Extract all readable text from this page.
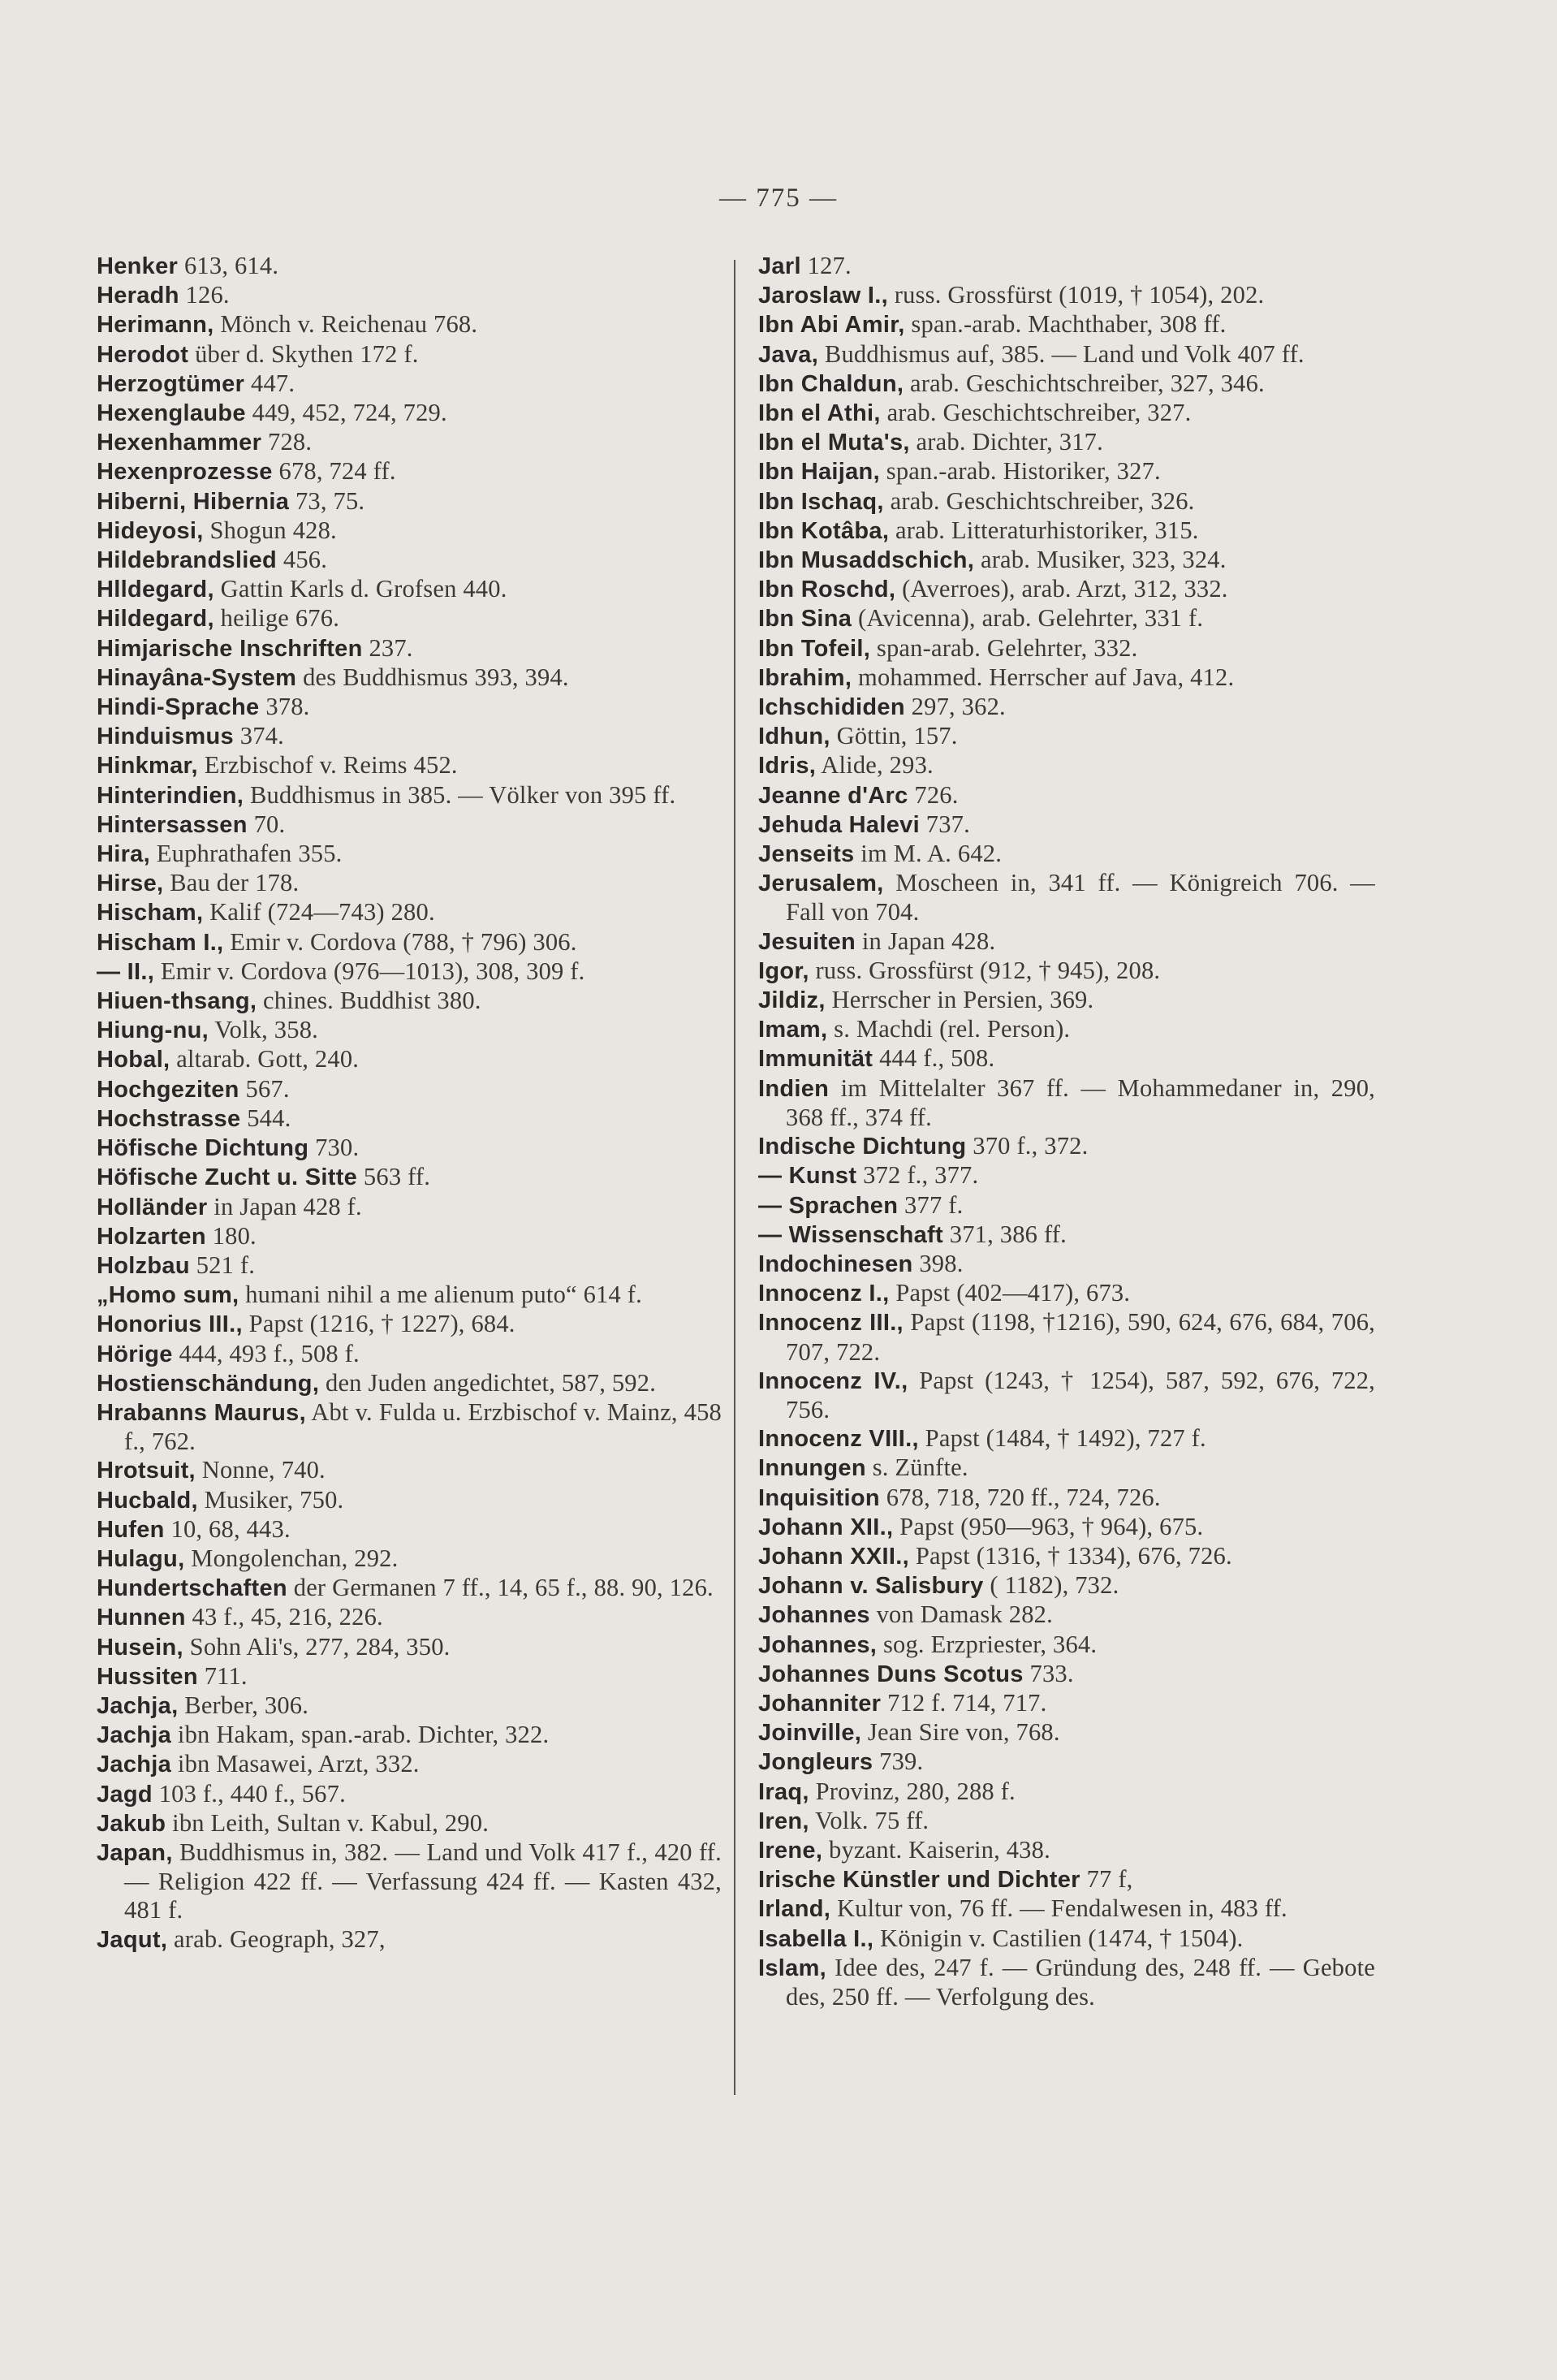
— 775 —
Henker 613, 614.
Heradh 126.
Herimann, Mönch v. Reichenau 768.
Herodot über d. Skythen 172 f.
Herzogtümer 447.
Hexenglaube 449, 452, 724, 729.
Hexenhammer 728.
Hexenprozesse 678, 724 ff.
Hiberni, Hibernia 73, 75.
Hideyosi, Shogun 428.
Hildebrandslied 456.
Hlldegard, Gattin Karls d. Grofsen 440.
Hildegard, heilige 676.
Himjarische Inschriften 237.
Hinayâna-System des Buddhismus 393, 394.
Hindi-Sprache 378.
Hinduismus 374.
Hinkmar, Erzbischof v. Reims 452.
Hinterindien, Buddhismus in 385. — Völker von 395 ff.
Hintersassen 70.
Hira, Euphrathafen 355.
Hirse, Bau der 178.
Hischam, Kalif (724—743) 280.
Hischam I., Emir v. Cordova (788, † 796) 306.
— II., Emir v. Cordova (976—1013), 308, 309 f.
Hiuen-thsang, chines. Buddhist 380.
Hiung-nu, Volk, 358.
Hobal, altarab. Gott, 240.
Hochgeziten 567.
Hochstrasse 544.
Höfische Dichtung 730.
Höfische Zucht u. Sitte 563 ff.
Holländer in Japan 428 f.
Holzarten 180.
Holzbau 521 f.
„Homo sum, humani nihil a me alienum puto“ 614 f.
Honorius III., Papst (1216, † 1227), 684.
Hörige 444, 493 f., 508 f.
Hostienschändung, den Juden angedichtet, 587, 592.
Hrabanns Maurus, Abt v. Fulda u. Erzbischof v. Mainz, 458 f., 762.
Hrotsuit, Nonne, 740.
Hucbald, Musiker, 750.
Hufen 10, 68, 443.
Hulagu, Mongolenchan, 292.
Hundertschaften der Germanen 7 ff., 14, 65 f., 88. 90, 126.
Hunnen 43 f., 45, 216, 226.
Husein, Sohn Ali's, 277, 284, 350.
Hussiten 711.
Jachja, Berber, 306.
Jachja ibn Hakam, span.-arab. Dichter, 322.
Jachja ibn Masawei, Arzt, 332.
Jagd 103 f., 440 f., 567.
Jakub ibn Leith, Sultan v. Kabul, 290.
Japan, Buddhismus in, 382. — Land und Volk 417 f., 420 ff. — Religion 422 ff. — Verfassung 424 ff. — Kasten 432, 481 f.
Jaqut, arab. Geograph, 327,
Jarl 127.
Jaroslaw I., russ. Grossfürst (1019, † 1054), 202.
Ibn Abi Amir, span.-arab. Machthaber, 308 ff.
Java, Buddhismus auf, 385. — Land und Volk 407 ff.
Ibn Chaldun, arab. Geschichtschreiber, 327, 346.
Ibn el Athi, arab. Geschichtschreiber, 327.
Ibn el Muta's, arab. Dichter, 317.
Ibn Haijan, span.-arab. Historiker, 327.
Ibn Ischaq, arab. Geschichtschreiber, 326.
Ibn Kotâba, arab. Litteraturhistoriker, 315.
Ibn Musaddschich, arab. Musiker, 323, 324.
Ibn Roschd, (Averroes), arab. Arzt, 312, 332.
Ibn Sina (Avicenna), arab. Gelehrter, 331 f.
Ibn Tofeil, span-arab. Gelehrter, 332.
Ibrahim, mohammed. Herrscher auf Java, 412.
Ichschididen 297, 362.
Idhun, Göttin, 157.
Idris, Alide, 293.
Jeanne d'Arc 726.
Jehuda Halevi 737.
Jenseits im M. A. 642.
Jerusalem, Moscheen in, 341 ff. — Königreich 706. — Fall von 704.
Jesuiten in Japan 428.
Igor, russ. Grossfürst (912, † 945), 208.
Jildiz, Herrscher in Persien, 369.
Imam, s. Machdi (rel. Person).
Immunität 444 f., 508.
Indien im Mittelalter 367 ff. — Mohammedaner in, 290, 368 ff., 374 ff.
Indische Dichtung 370 f., 372.
— Kunst 372 f., 377.
— Sprachen 377 f.
— Wissenschaft 371, 386 ff.
Indochinesen 398.
Innocenz I., Papst (402—417), 673.
Innocenz III., Papst (1198, †1216), 590, 624, 676, 684, 706, 707, 722.
Innocenz IV., Papst (1243, † 1254), 587, 592, 676, 722, 756.
Innocenz VIII., Papst (1484, † 1492), 727 f.
Innungen s. Zünfte.
Inquisition 678, 718, 720 ff., 724, 726.
Johann XII., Papst (950—963, † 964), 675.
Johann XXII., Papst (1316, † 1334), 676, 726.
Johann v. Salisbury ( 1182), 732.
Johannes von Damask 282.
Johannes, sog. Erzpriester, 364.
Johannes Duns Scotus 733.
Johanniter 712 f. 714, 717.
Joinville, Jean Sire von, 768.
Jongleurs 739.
Iraq, Provinz, 280, 288 f.
Iren, Volk. 75 ff.
Irene, byzant. Kaiserin, 438.
Irische Künstler und Dichter 77 f,
Irland, Kultur von, 76 ff. — Fendalwesen in, 483 ff.
Isabella I., Königin v. Castilien (1474, † 1504).
Islam, Idee des, 247 f. — Gründung des, 248 ff. — Gebote des, 250 ff. — Verfolgung des.
